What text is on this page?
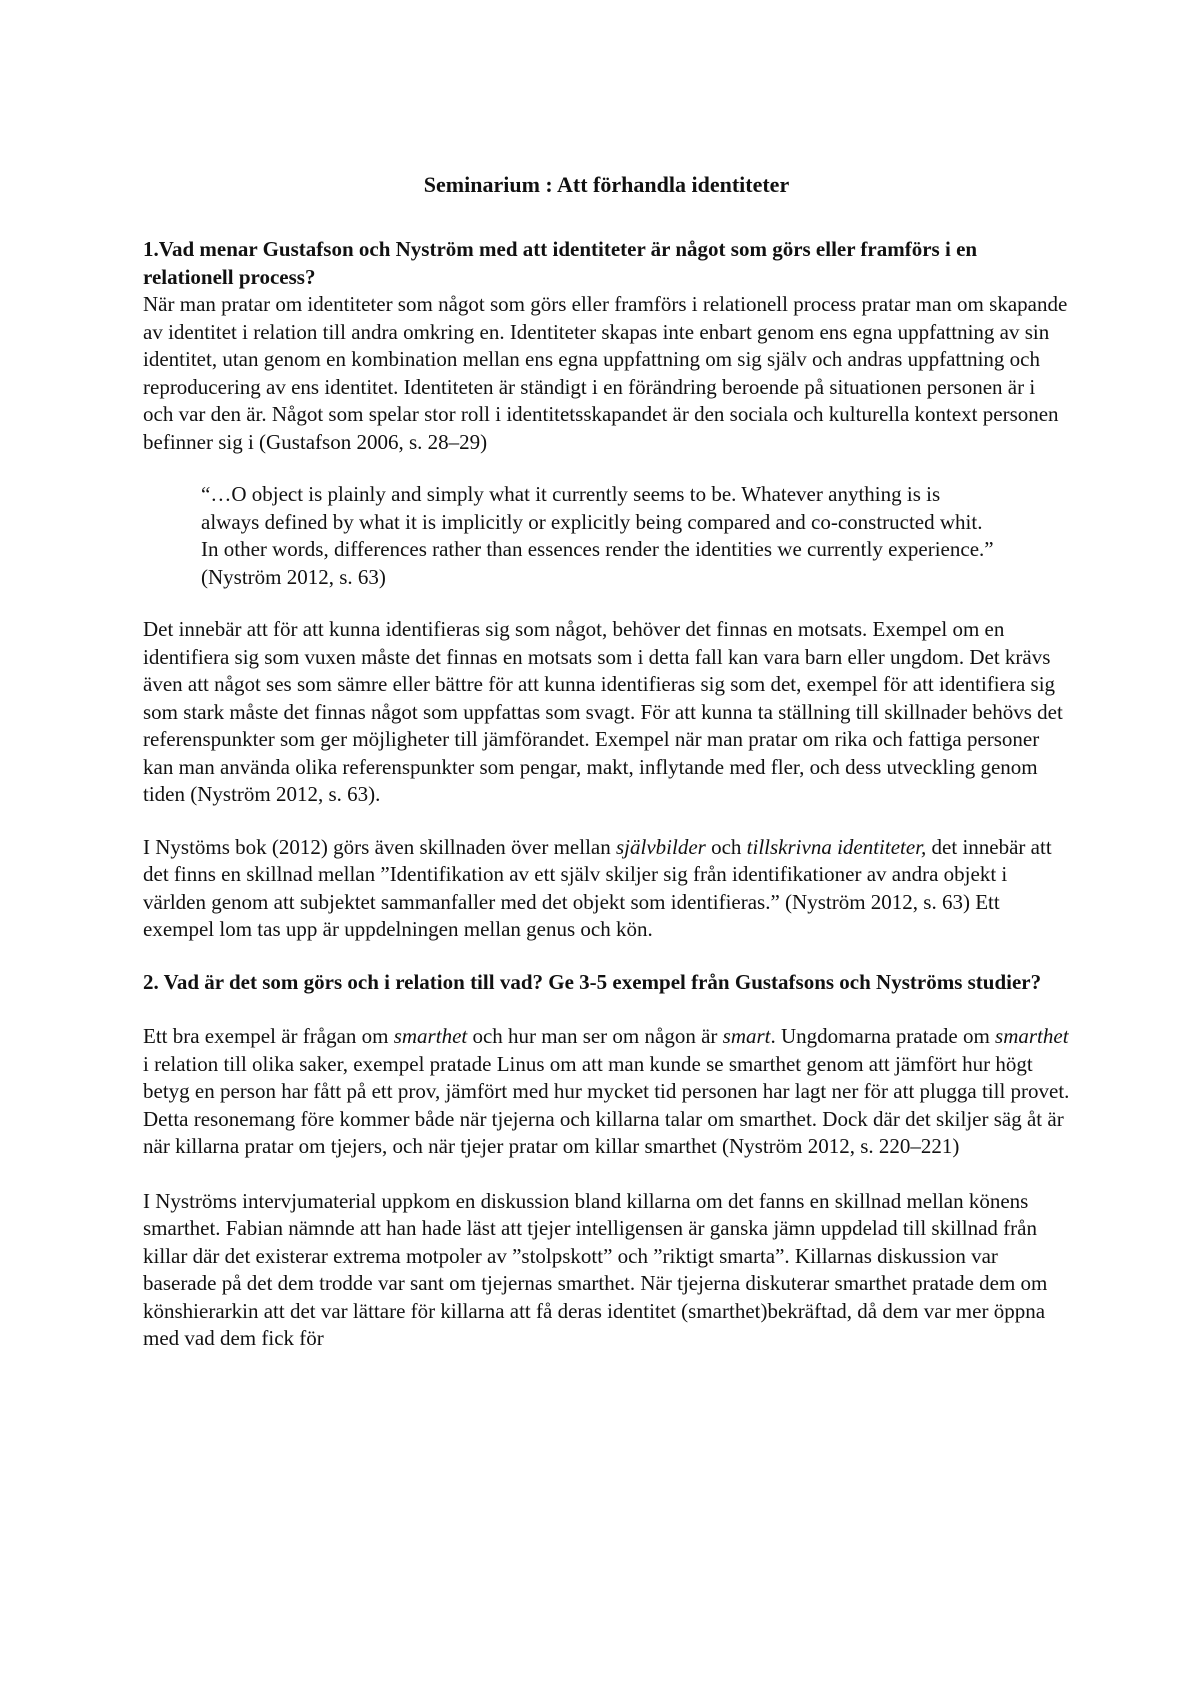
Seminarium : Att förhandla identiteter
1.Vad menar Gustafson och Nyström med att identiteter är något som görs eller framförs i en relationell process?

När man pratar om identiteter som något som görs eller framförs i relationell process pratar man om skapande av identitet i relation till andra omkring en. Identiteter skapas inte enbart genom ens egna uppfattning av sin identitet, utan genom en kombination mellan ens egna uppfattning om sig själv och andras uppfattning och reproducering av ens identitet. Identiteten är ständigt i en förändring beroende på situationen personen är i och var den är. Något som spelar stor roll i identitetsskapandet är den sociala och kulturella kontext personen befinner sig i (Gustafson 2006, s. 28–29)

“…O object is plainly and simply what it currently seems to be. Whatever anything is is always defined by what it is implicitly or explicitly being compared and co-constructed whit. In other words, differences rather than essences render the identities we currently experience.” (Nyström 2012, s. 63)

Det innebär att för att kunna identifieras sig som något, behöver det finnas en motsats. Exempel om en identifiera sig som vuxen måste det finnas en motsats som i detta fall kan vara barn eller ungdom. Det krävs även att något ses som sämre eller bättre för att kunna identifieras sig som det, exempel för att identifiera sig som stark måste det finnas något som uppfattas som svagt. För att kunna ta ställning till skillnader behövs det referenspunkter som ger möjligheter till jämförandet. Exempel när man pratar om rika och fattiga personer kan man använda olika referenspunkter som pengar, makt, inflytande med fler, och dess utveckling genom tiden (Nyström 2012, s. 63).

I Nystöms bok (2012) görs även skillnaden över mellan självbilder och tillskrivna identiteter, det innebär att det finns en skillnad mellan ”Identifikation av ett själv skiljer sig från identifikationer av andra objekt i världen genom att subjektet sammanfaller med det objekt som identifieras.” (Nyström 2012, s. 63) Ett exempel lom tas upp är uppdelningen mellan genus och kön.

2. Vad är det som görs och i relation till vad? Ge 3-5 exempel från Gustafsons och Nyströms studier?

Ett bra exempel är frågan om smarthet och hur man ser om någon är smart. Ungdomarna pratade om smarthet i relation till olika saker, exempel pratade Linus om att man kunde se smarthet genom att jämfört hur högt betyg en person har fått på ett prov, jämfört med hur mycket tid personen har lagt ner för att plugga till provet. Detta resonemang före kommer både när tjejerna och killarna talar om smarthet. Dock där det skiljer säg åt är när killarna pratar om tjejers, och när tjejer pratar om killar smarthet (Nyström 2012, s. 220–221)

I Nyströms intervjumaterial uppkom en diskussion bland killarna om det fanns en skillnad mellan könens smarthet. Fabian nämnde att han hade läst att tjejer intelligensen är ganska jämn uppdelad till skillnad från killar där det existerar extrema motpoler av ”stolpskott” och ”riktigt smarta”. Killarnas diskussion var baserade på det dem trodde var sant om tjejernas smarthet. När tjejerna diskuterar smarthet pratade dem om könshierarkin att det var lättare för killarna att få deras identitet (smarthet)bekräftad, då dem var mer öppna med vad dem fick för
